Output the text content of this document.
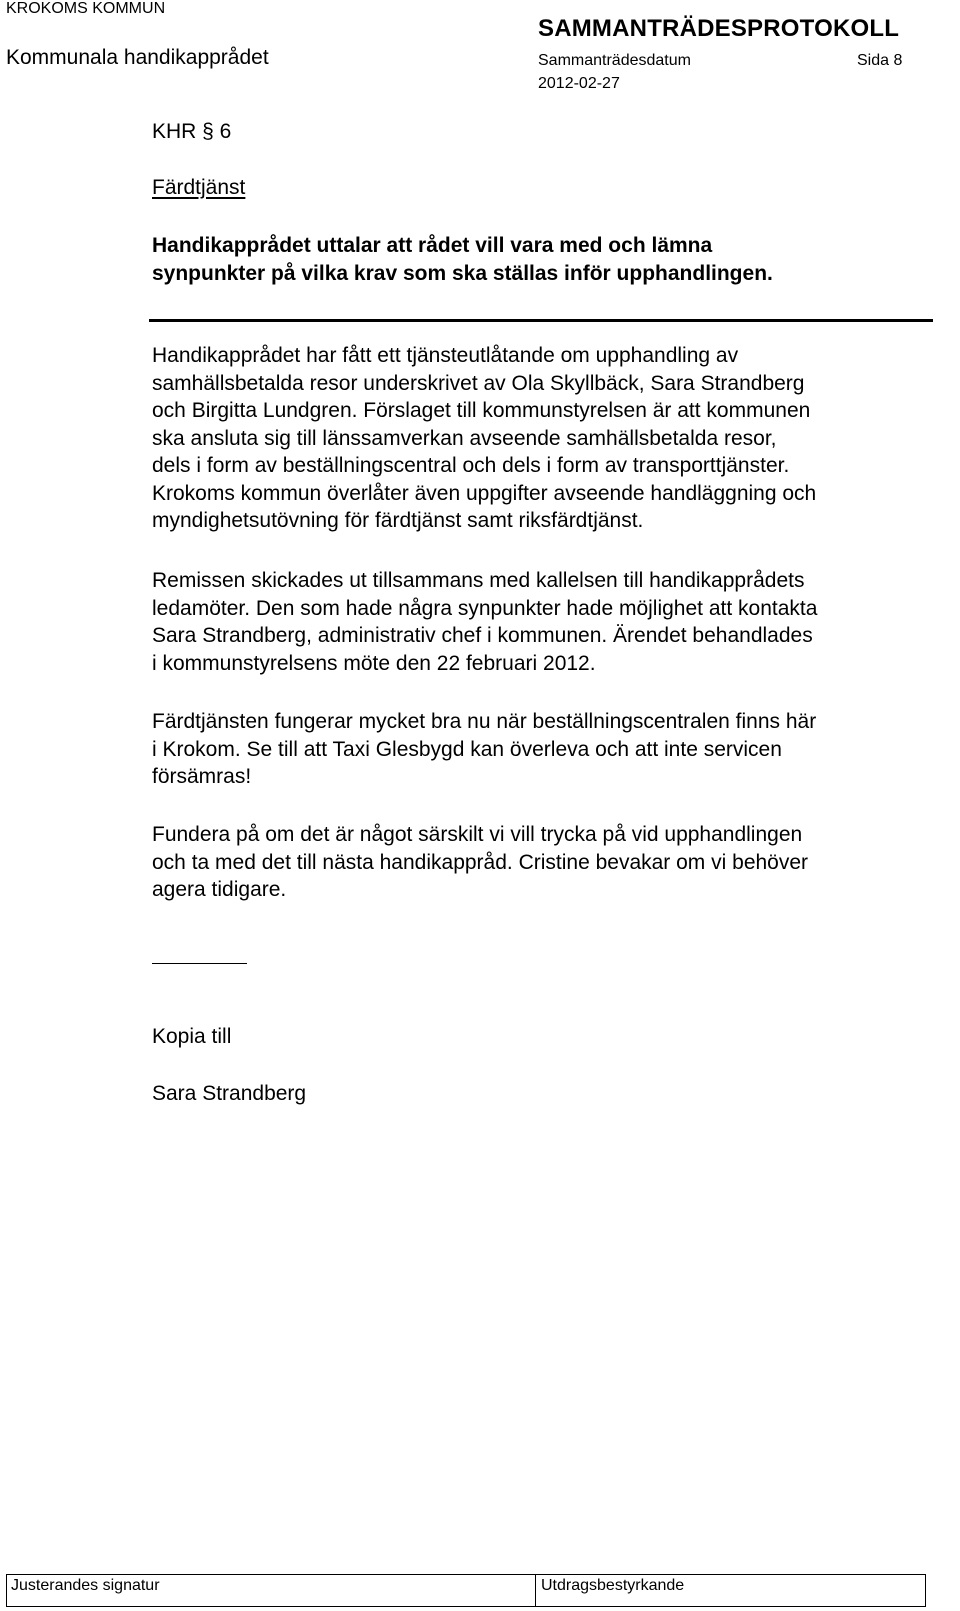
KROKOMS KOMMUN
Kommunala handikapprådet
SAMMANTRÄDESPROTOKOLL
Sammanträdesdatum	Sida 8
2012-02-27
KHR § 6
Färdtjänst
Handikapprådet uttalar att rådet vill vara med och lämna
synpunkter på vilka krav som ska ställas inför upphandlingen.
Handikapprådet har fått ett tjänsteutlåtande om upphandling av
samhällsbetalda resor underskrivet av Ola Skyllbäck, Sara Strandberg
och Birgitta Lundgren. Förslaget till kommunstyrelsen är att kommunen
ska ansluta sig till länssamverkan avseende samhällsbetalda resor,
dels i form av beställningscentral och dels i form av transporttjänster.
Krokoms kommun överlåter även uppgifter avseende handläggning och
myndighetsutövning för färdtjänst samt riksfärdtjänst.
Remissen skickades ut tillsammans med kallelsen till handikapprådets
ledamöter. Den som hade några synpunkter hade möjlighet att kontakta
Sara Strandberg, administrativ chef i kommunen. Ärendet behandlades
i kommunstyrelsens möte den 22 februari 2012.
Färdtjänsten fungerar mycket bra nu när beställningscentralen finns här
i Krokom. Se till att Taxi Glesbygd kan överleva och att inte servicen
försämras!
Fundera på om det är något särskilt vi vill trycka på vid upphandlingen
och ta med det till nästa handikappråd. Cristine bevakar om vi behöver
agera tidigare.
Kopia till
Sara Strandberg
Justerandes signatur	Utdragsbestyrkande
